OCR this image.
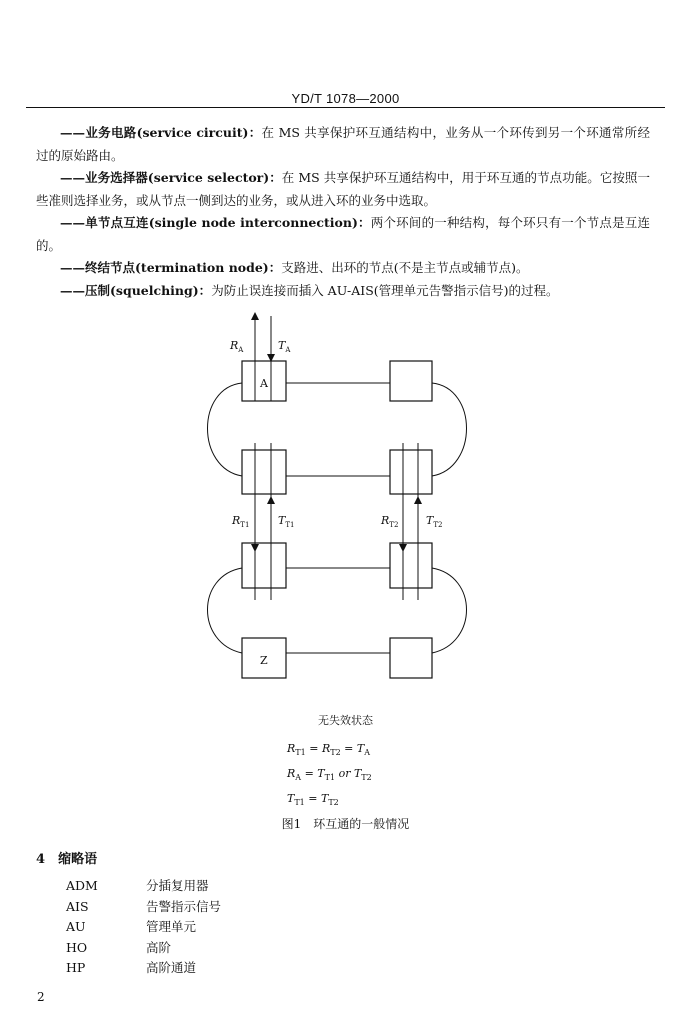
YD/T 1078—2000

——业务电路(service circuit)：在 MS 共享保护环互通结构中，业务从一个环传到另一个环通常所经过的原始路由。

——业务选择器(service selector)：在 MS 共享保护环互通结构中，用于环互通的节点功能。它按照一些准则选择业务，或从节点一侧到达的业务，或从进入环的业务中选取。

——单节点互连(single node interconnection)：两个环间的一种结构，每个环只有一个节点是互连的。

——终结节点(termination node)：支路进、出环的节点(不是主节点或辅节点)。

——压制(squelching)：为防止误连接而插入 AU-AIS(管理单元告警指示信号)的过程。

A
Z
$R_A$	$T_A$
$R_{T1}$	$T_{T1}$	$R_{T2}$	$T_{T2}$
无失效状态
$R_{T1} = R_{T2} = T_A$
$R_A = T_{T1}$ or $T_{T2}$
$T_{T1} = T_{T2}$
图1　环互通的一般情况
4　 缩略语
ADM	分插复用器
AIS	告警指示信号
AU	管理单元
HO	高阶
HP	高阶通道
2
